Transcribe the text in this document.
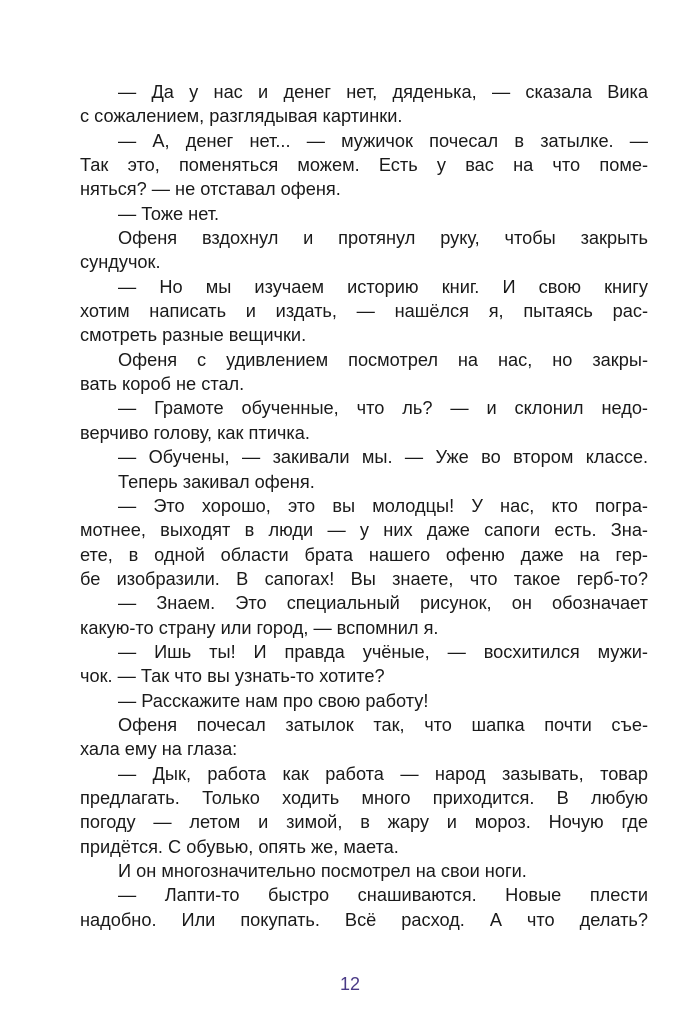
— Да у нас и денег нет, дяденька, — сказала Вика
с сожалением, разглядывая картинки.
— А, денег нет... — мужичок почесал в затылке. —
Так это, поменяться можем. Есть у вас на что поме-
няться? — не отставал офеня.
— Тоже нет.
Офеня вздохнул и протянул руку, чтобы закрыть
сундучок.
— Но мы изучаем историю книг. И свою книгу
хотим написать и издать, — нашёлся я, пытаясь рас-
смотреть разные вещички.
Офеня с удивлением посмотрел на нас, но закры-
вать короб не стал.
— Грамоте обученные, что ль? — и склонил недо-
верчиво голову, как птичка.
— Обучены, — закивали мы. — Уже во втором классе.
Теперь закивал офеня.
— Это хорошо, это вы молодцы! У нас, кто погра-
мотнее, выходят в люди — у них даже сапоги есть. Зна-
ете, в одной области брата нашего офеню даже на гер-
бе изобразили. В сапогах! Вы знаете, что такое герб-то?
— Знаем. Это специальный рисунок, он обозначает
какую-то страну или город, — вспомнил я.
— Ишь ты! И правда учёные, — восхитился мужи-
чок. — Так что вы узнать-то хотите?
— Расскажите нам про свою работу!
Офеня почесал затылок так, что шапка почти съе-
хала ему на глаза:
— Дык, работа как работа — народ зазывать, товар
предлагать. Только ходить много приходится. В любую
погоду — летом и зимой, в жару и мороз. Ночую где
придётся. С обувью, опять же, маета.
И он многозначительно посмотрел на свои ноги.
— Лапти-то быстро снашиваются. Новые плести
надобно. Или покупать. Всё расход. А что делать?
12
